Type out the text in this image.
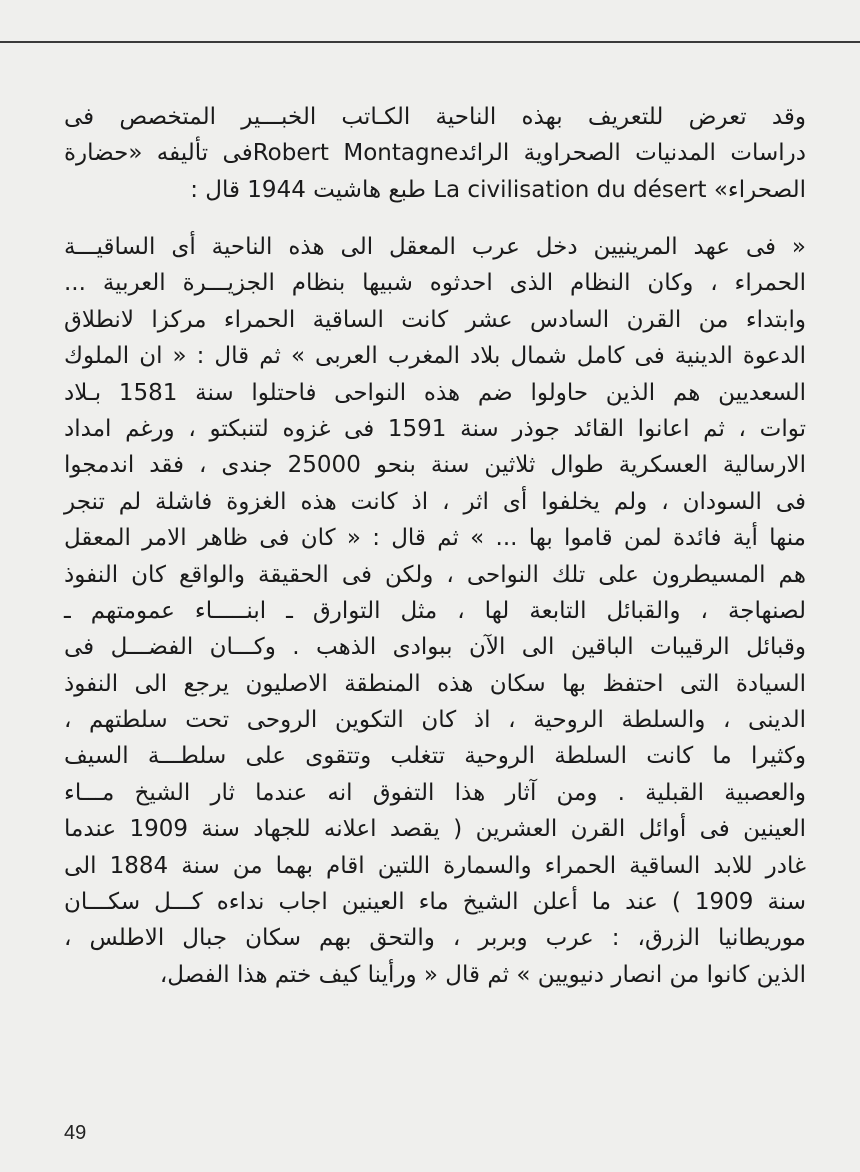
وقد تعرض للتعريف بهذه الناحية الكـاتب الخبـــير المتخصص فى
دراسات المدنيات الصحراوية الرائدRobert Montagneفى تأليفه «حضارة
الصحراء» La civilisation du désert طبع هاشيت 1944 قال :
« فى عهد المرينيين دخل عرب المعقل الى هذه الناحية أى الساقيـــة
الحمراء ، وكان النظام الذى احدثوه شبيها بنظام الجزيـــرة العربية ...
وابتداء من القرن السادس عشر كانت الساقية الحمراء مركزا لانطلاق
الدعوة الدينية فى كامل شمال بلاد المغرب العربى » ثم قال : « ان الملوك
السعديين هم الذين حاولوا ضم هذه النواحى فاحتلوا سنة 1581 بـلاد
توات ، ثم اعانوا القائد جوذر سنة 1591 فى غزوه لتنبكتو ، ورغم امداد
الارسالية العسكرية طوال ثلاثين سنة بنحو 25000 جندى ، فقد اندمجوا
فى السودان ، ولم يخلفوا أى اثر ، اذ كانت هذه الغزوة فاشلة لم تنجر
منها أية فائدة لمن قاموا بها ... » ثم قال : « كان فى ظاهر الامر المعقل
هم المسيطرون على تلك النواحى ، ولكن فى الحقيقة والواقع كان النفوذ
لصنهاجة ، والقبائل التابعة لها ، مثل التوارق ـ ابنـــــاء عمومتهم ـ
وقبائل الرقيبات الباقين الى الآن ببوادى الذهب . وكـــان الفضـــل فى
السيادة التى احتفظ بها سكان هذه المنطقة الاصليون يرجع الى النفوذ
الدينى ، والسلطة الروحية ، اذ كان التكوين الروحى تحت سلطتهم ،
وكثيرا ما كانت السلطة الروحية تتغلب وتتقوى على سلطـــة السيف
والعصبية القبلية . ومن آثار هذا التفوق انه عندما ثار الشيخ مـــاء
العينين فى أوائل القرن العشرين ( يقصد اعلانه للجهاد سنة 1909 عندما
غادر للابد الساقية الحمراء والسمارة اللتين اقام بهما من سنة 1884 الى
سنة 1909 ) عند ما أعلن الشيخ ماء العينين اجاب نداءه كـــل سكـــان
موريطانيا الزرق، : عرب وبربر ، والتحق بهم سكان جبال الاطلس ،
الذين كانوا من انصار دنيويين » ثم قال « ورأينا كيف ختم هذا الفصل،
49
